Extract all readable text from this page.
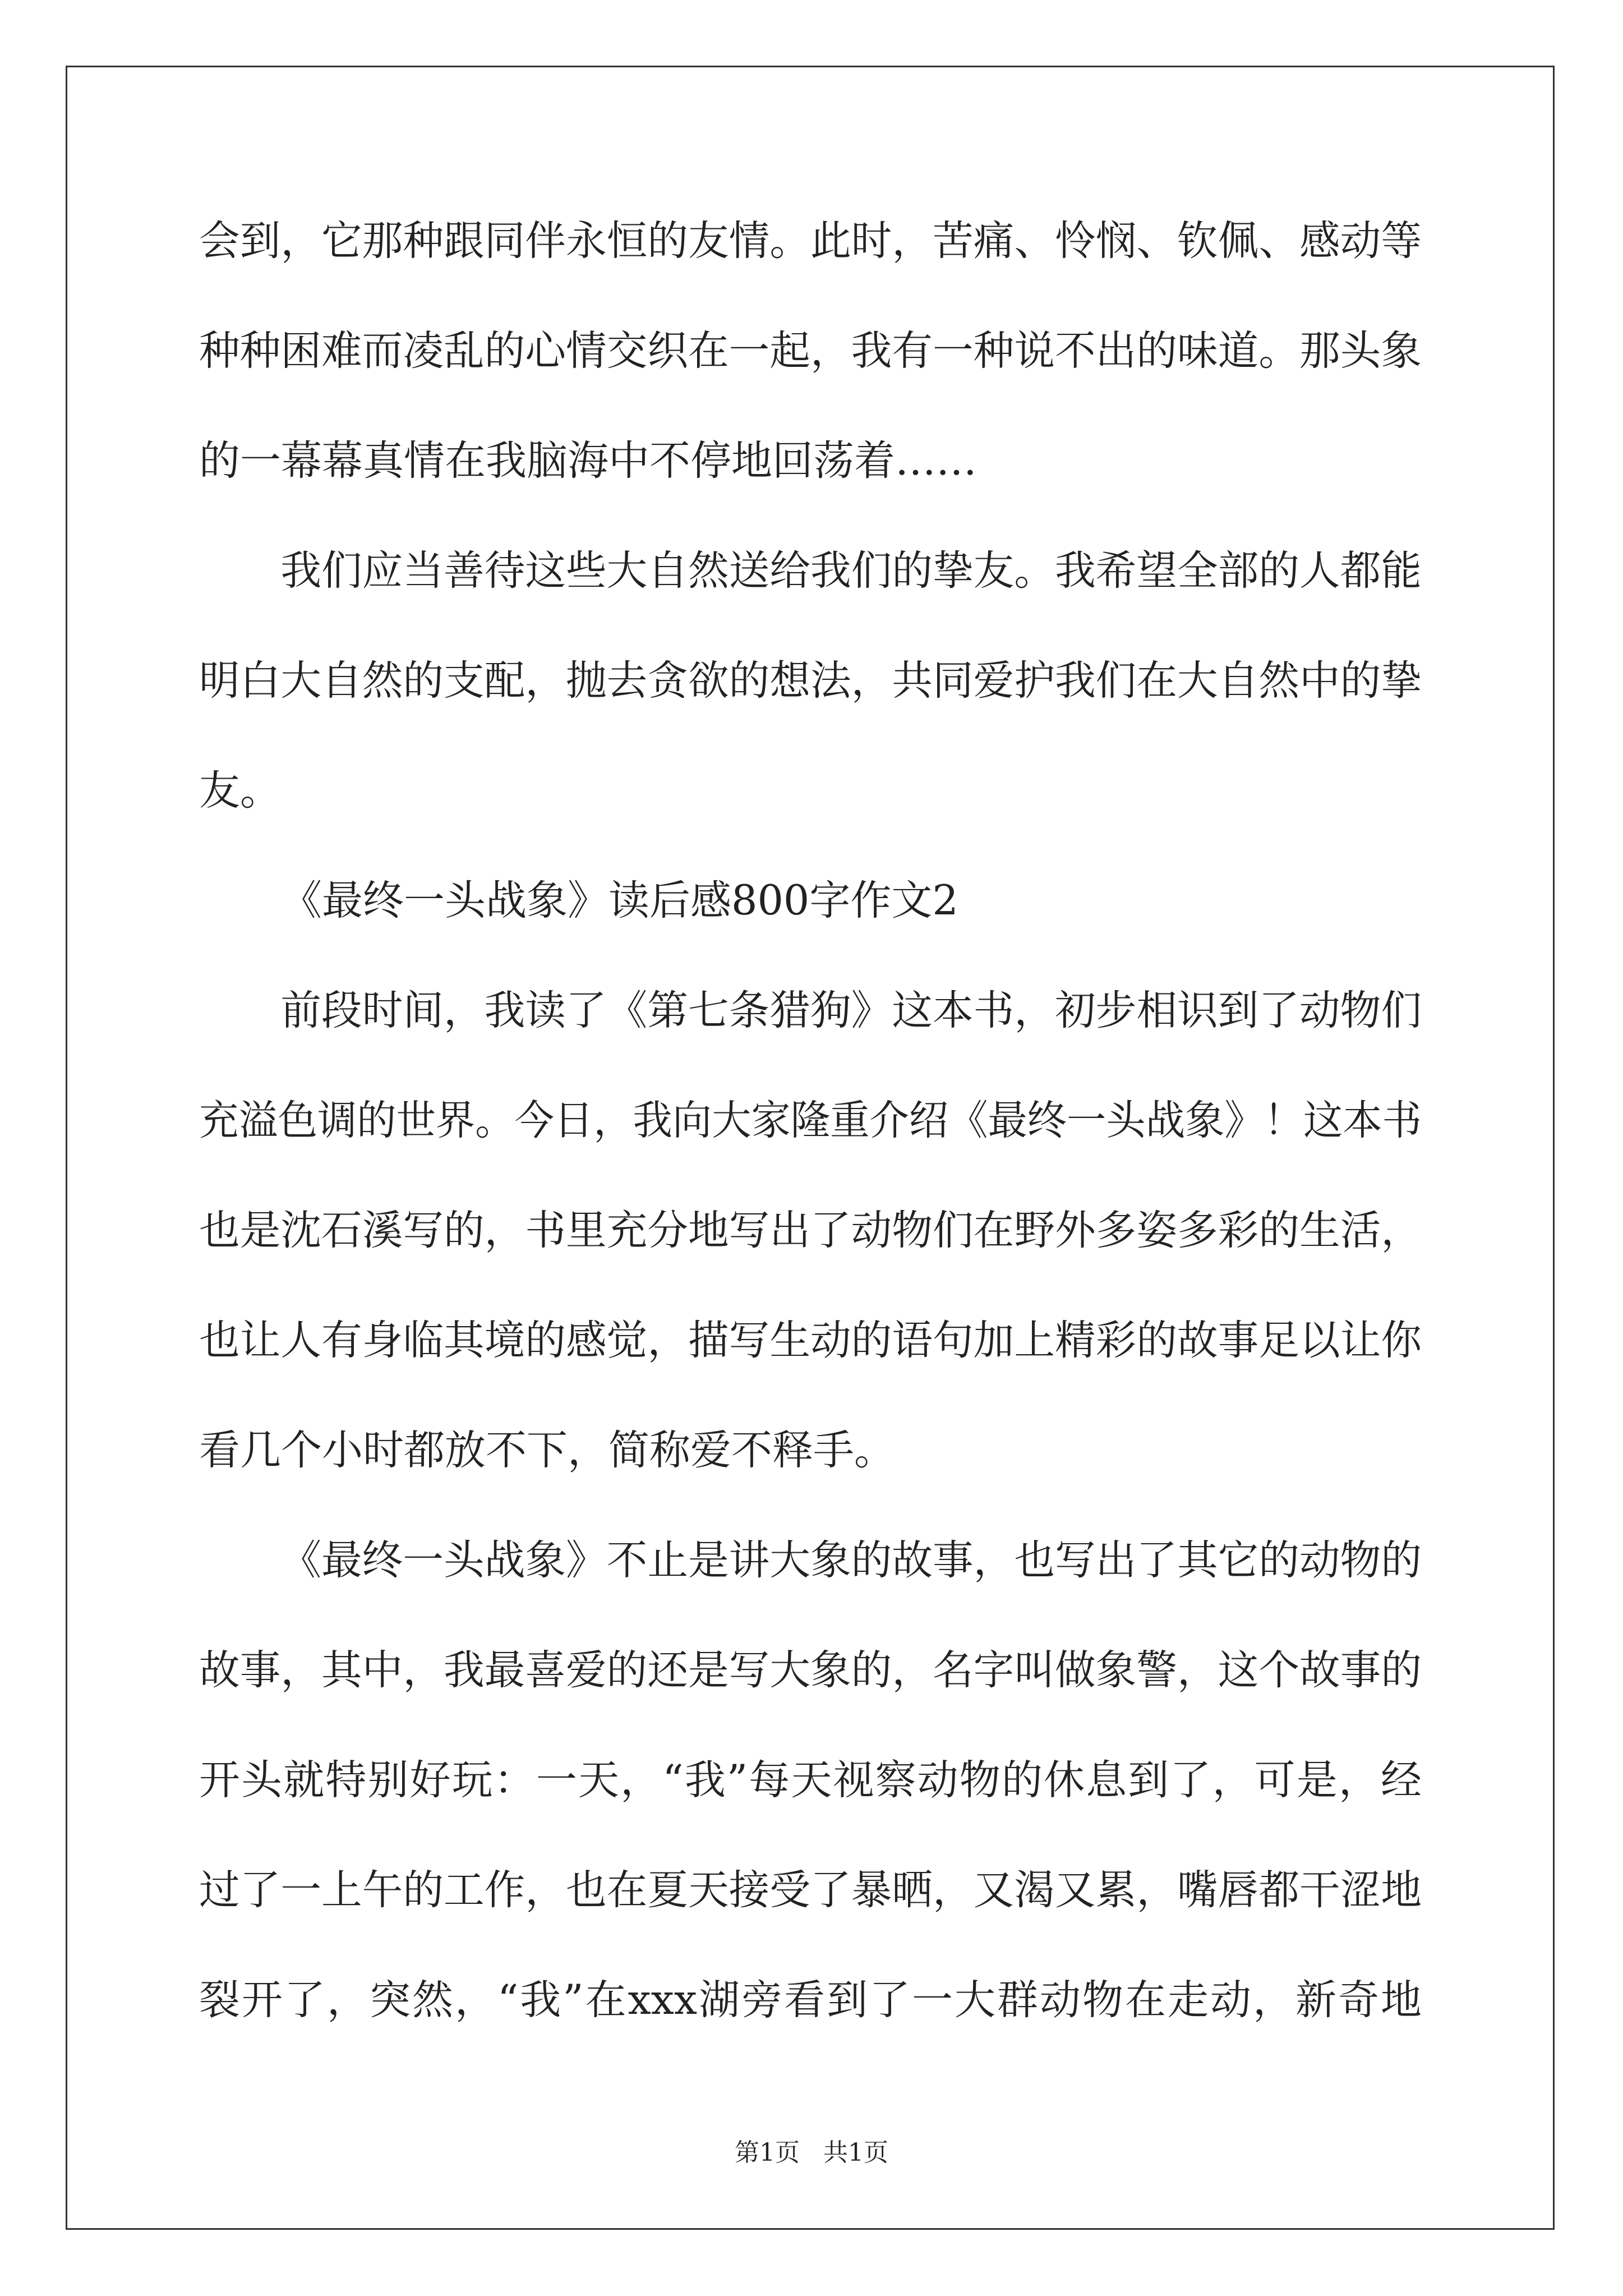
会到，它那种跟同伴永恒的友情。此时，苦痛、怜悯、钦佩、感动等
种种困难而凌乱的心情交织在一起，我有一种说不出的味道。那头象
的一幕幕真情在我脑海中不停地回荡着……
我们应当善待这些大自然送给我们的挚友。我希望全部的人都能
明白大自然的支配，抛去贪欲的想法，共同爱护我们在大自然中的挚
友。
《最终一头战象》读后感800字作文2
前段时间，我读了《第七条猎狗》这本书，初步相识到了动物们
充溢色调的世界。今日，我向大家隆重介绍《最终一头战象》！这本书
也是沈石溪写的，书里充分地写出了动物们在野外多姿多彩的生活，
也让人有身临其境的感觉，描写生动的语句加上精彩的故事足以让你
看几个小时都放不下，简称爱不释手。
《最终一头战象》不止是讲大象的故事，也写出了其它的动物的
故事，其中，我最喜爱的还是写大象的，名字叫做象警，这个故事的
开头就特别好玩：一天，“我”每天视察动物的休息到了，可是，经
过了一上午的工作，也在夏天接受了暴晒，又渴又累，嘴唇都干涩地
裂开了，突然，“我”在xxx湖旁看到了一大群动物在走动，新奇地
第1页 共1页
